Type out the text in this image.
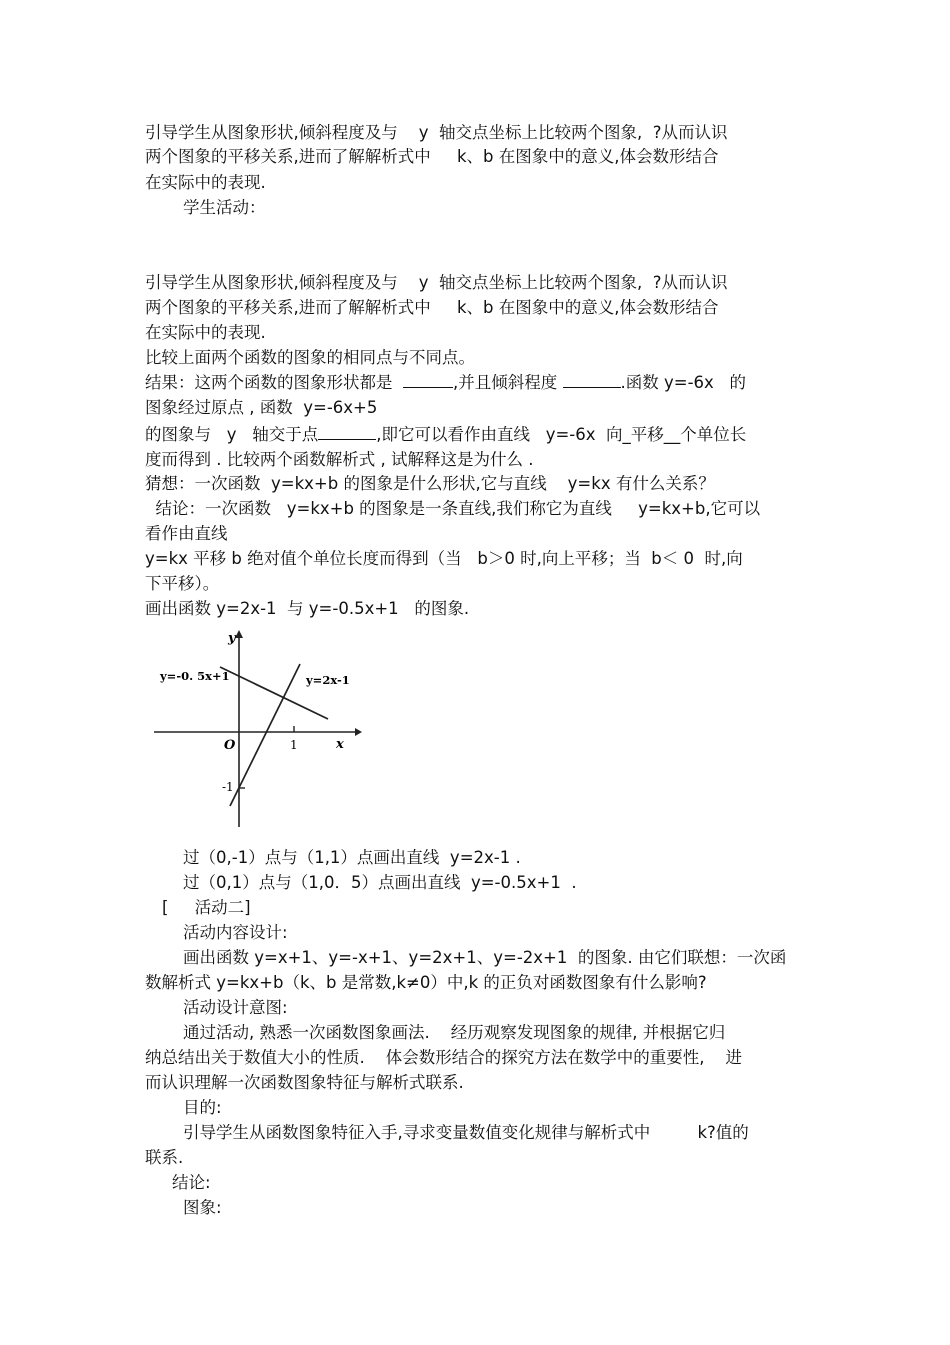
引导学生从图象形状,倾斜程度及与    y  轴交点坐标上比较两个图象,  ?从而认识
两个图象的平移关系,进而了解解析式中     k、b 在图象中的意义,体会数形结合
在实际中的表现.
学生活动：
引导学生从图象形状,倾斜程度及与    y  轴交点坐标上比较两个图象,  ?从而认识
两个图象的平移关系,进而了解解析式中     k、b 在图象中的意义,体会数形结合
在实际中的表现.
比较上面两个函数的图象的相同点与不同点。
结果：这两个函数的图象形状都是	,并且倾斜程度	.函数 y=-6x   的
图象经过原点 , 函数  y=-6x+5
的图象与   y   轴交于点	,即它可以看作由直线   y=-6x  向_平移__个单位长
度而得到 . 比较两个函数解析式 , 试解释这是为什么 .
猜想：一次函数  y=kx+b 的图象是什么形状,它与直线    y=kx 有什么关系？
结论：一次函数   y=kx+b 的图象是一条直线,我们称它为直线     y=kx+b,它可以
看作由直线
y=kx 平移 b 绝对值个单位长度而得到（当   b＞0 时,向上平移；当  b＜ 0  时,向
下平移）。
画出函数 y=2x-1  与 y=-0.5x+1   的图象.
y
x
O	1
-1
y=-0. 5x+1	y=2x-1
过（0,-1）点与（1,1）点画出直线  y=2x-1 .
过（0,1）点与（1,0．5）点画出直线  y=-0.5x+1  .
[     活动二]
活动内容设计:
画出函数 y=x+1、y=-x+1、y=2x+1、y=-2x+1  的图象. 由它们联想：一次函
数解析式 y=kx+b（k、b 是常数,k≠0）中,k 的正负对函数图象有什么影响?
活动设计意图:
通过活动, 熟悉一次函数图象画法.    经历观察发现图象的规律, 并根据它归
纳总结出关于数值大小的性质.    体会数形结合的探究方法在数学中的重要性,    进
而认识理解一次函数图象特征与解析式联系.
目的:
引导学生从函数图象特征入手,寻求变量数值变化规律与解析式中         k?值的
联系.
结论:
图象:
